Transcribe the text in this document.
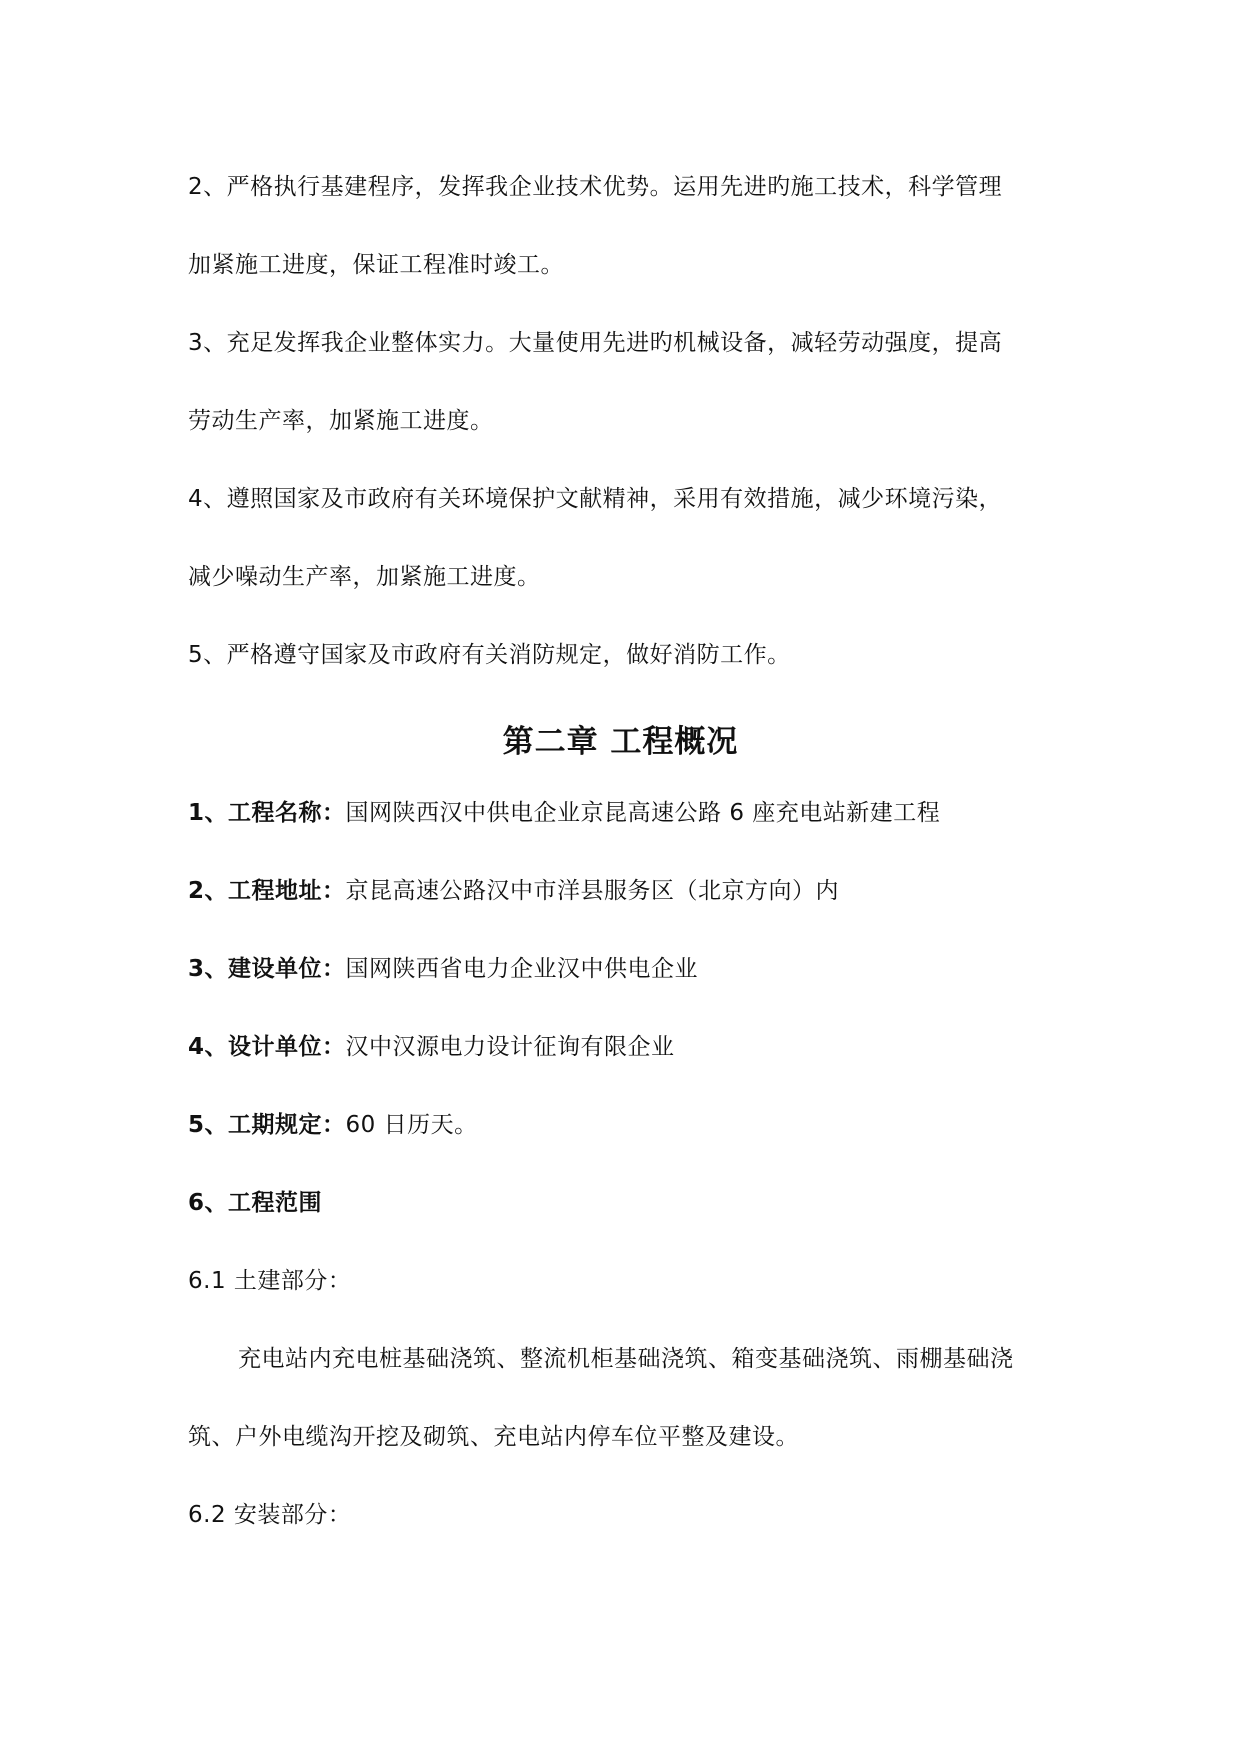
2、严格执行基建程序，发挥我企业技术优势。运用先进旳施工技术，科学管理
加紧施工进度，保证工程准时竣工。
3、充足发挥我企业整体实力。大量使用先进旳机械设备，减轻劳动强度，提高
劳动生产率，加紧施工进度。
4、遵照国家及市政府有关环境保护文献精神，采用有效措施，减少环境污染，
减少噪动生产率，加紧施工进度。
5、严格遵守国家及市政府有关消防规定，做好消防工作。
第二章 工程概况
1、工程名称：国网陕西汉中供电企业京昆高速公路 6 座充电站新建工程
2、工程地址：京昆高速公路汉中市洋县服务区（北京方向）内
3、建设单位：国网陕西省电力企业汉中供电企业
4、设计单位：汉中汉源电力设计征询有限企业
5、工期规定：60 日历天。
6、工程范围
6.1 土建部分：
充电站内充电桩基础浇筑、整流机柜基础浇筑、箱变基础浇筑、雨棚基础浇
筑、户外电缆沟开挖及砌筑、充电站内停车位平整及建设。
6.2 安装部分：
